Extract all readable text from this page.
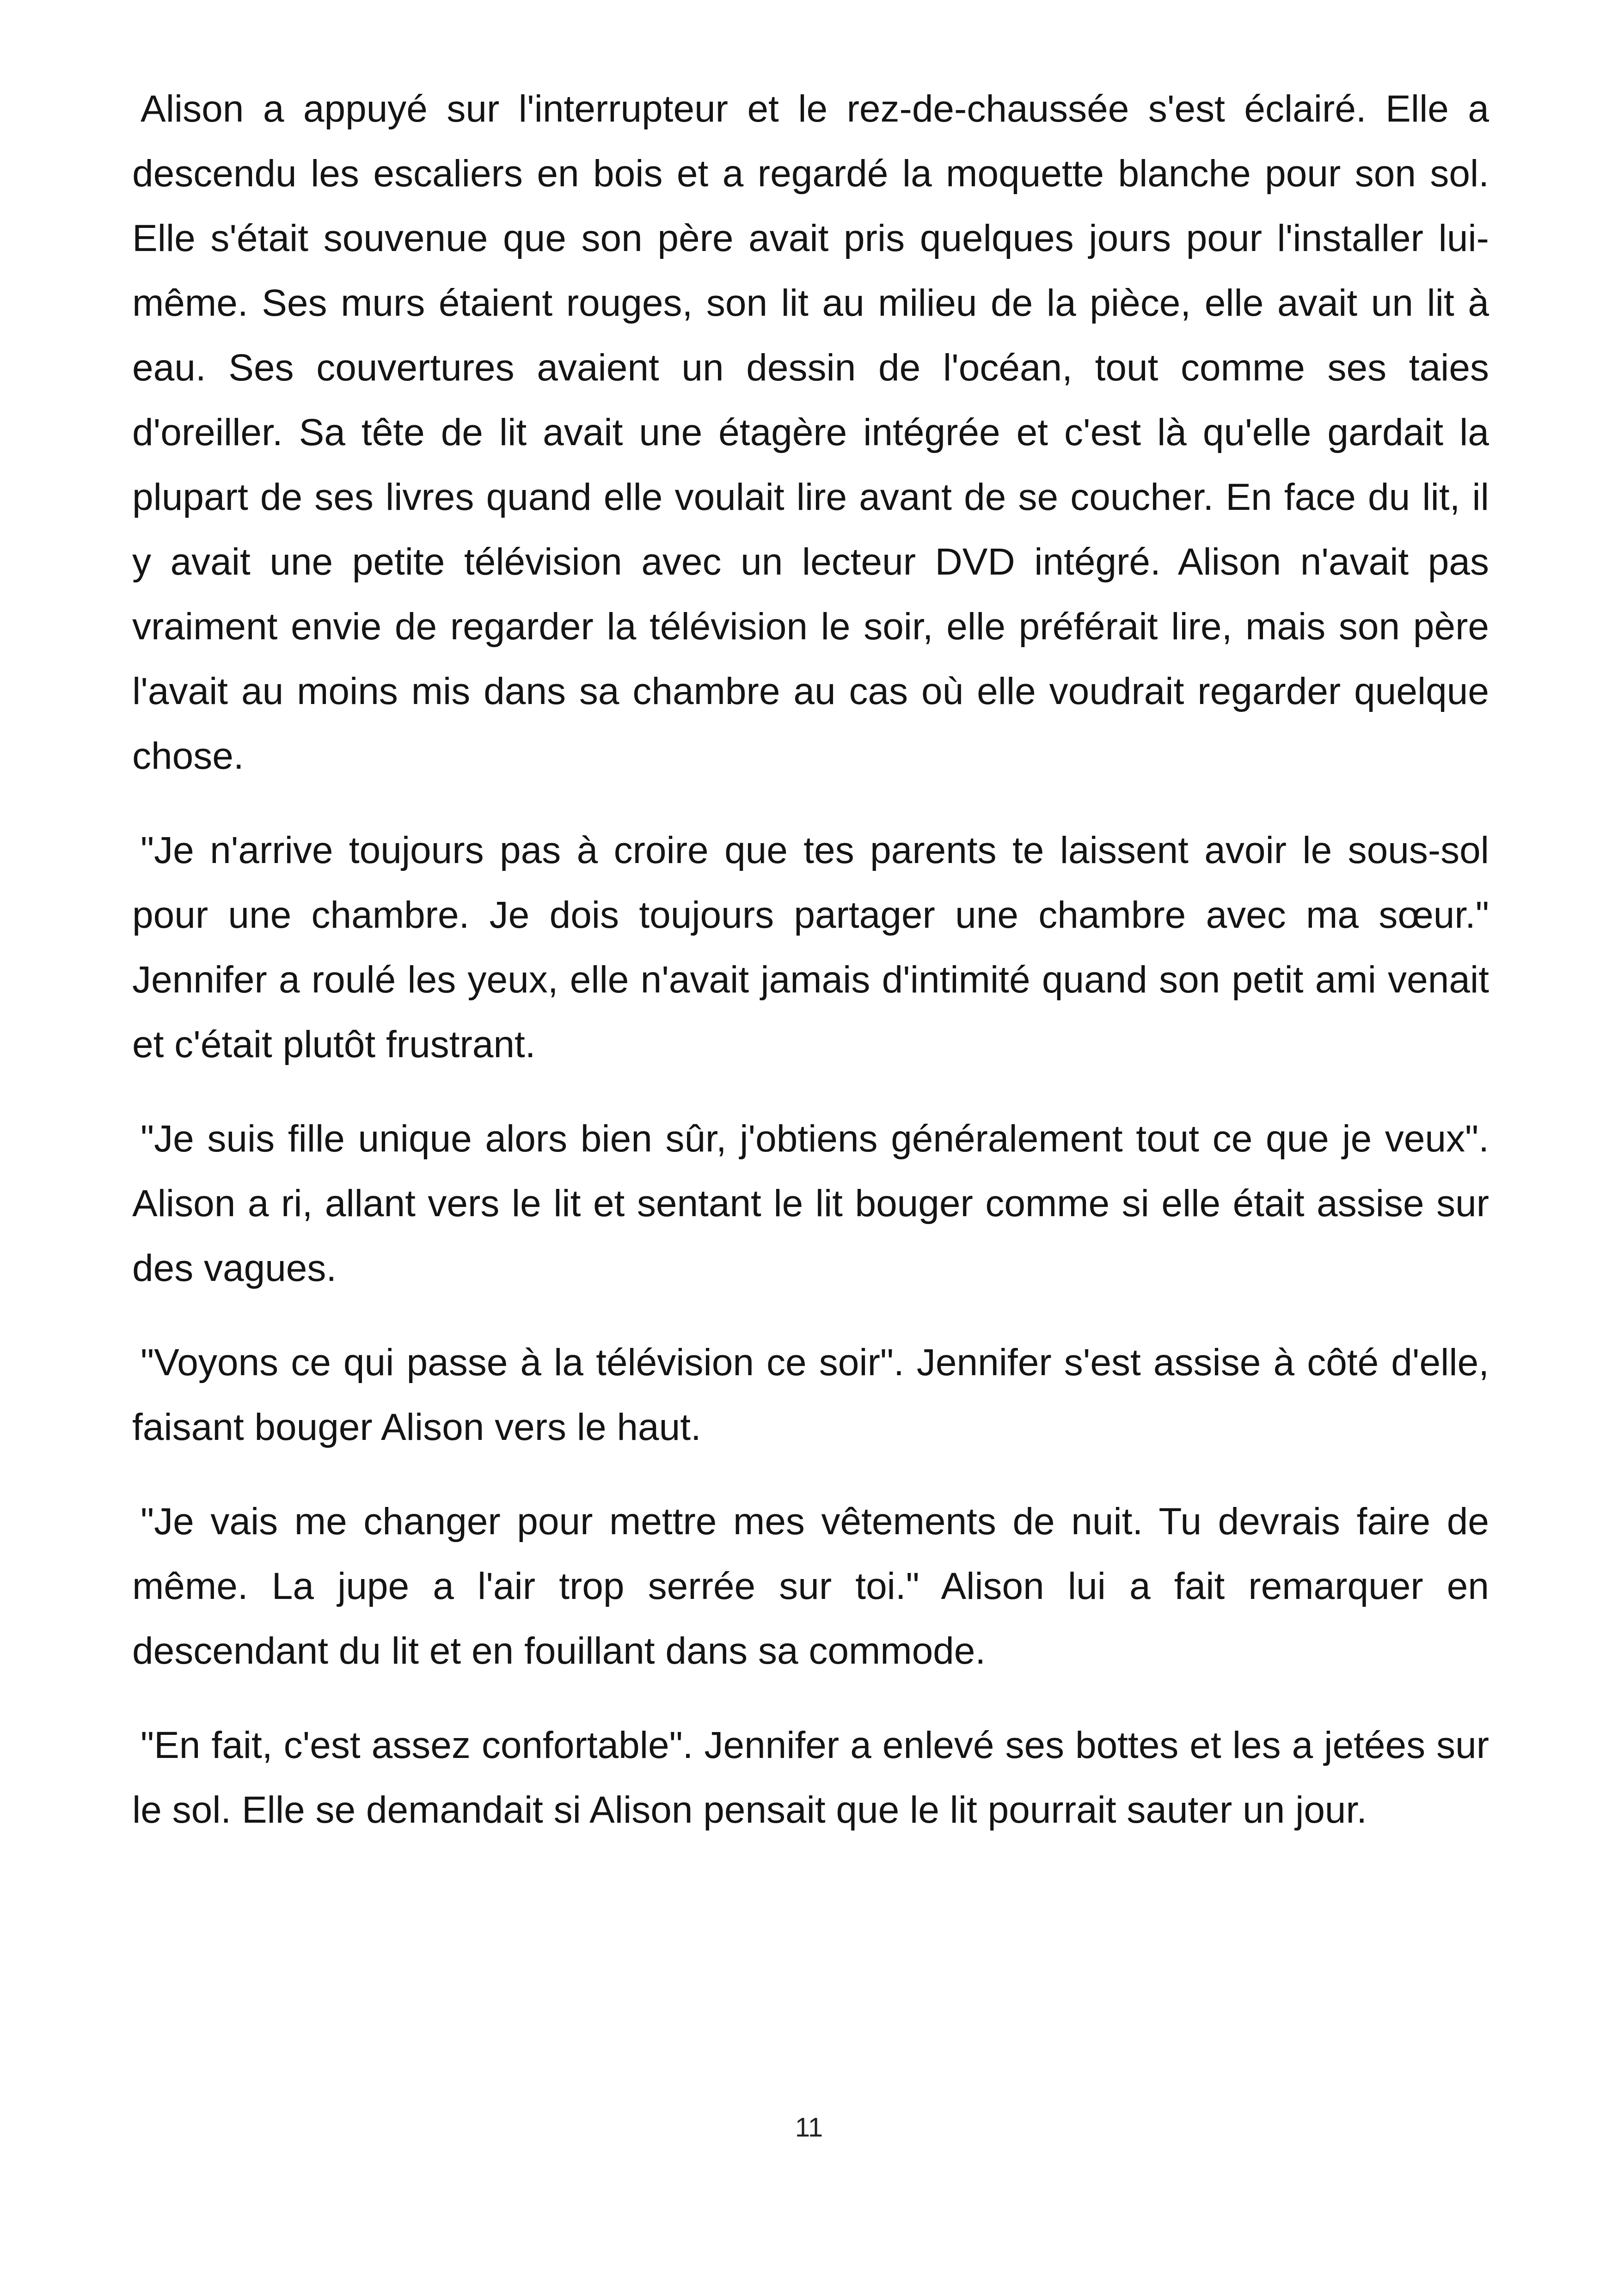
Alison a appuyé sur l'interrupteur et le rez-de-chaussée s'est éclairé. Elle a descendu les escaliers en bois et a regardé la moquette blanche pour son sol. Elle s'était souvenue que son père avait pris quelques jours pour l'installer lui-même. Ses murs étaient rouges, son lit au milieu de la pièce, elle avait un lit à eau. Ses couvertures avaient un dessin de l'océan, tout comme ses taies d'oreiller. Sa tête de lit avait une étagère intégrée et c'est là qu'elle gardait la plupart de ses livres quand elle voulait lire avant de se coucher. En face du lit, il y avait une petite télévision avec un lecteur DVD intégré. Alison n'avait pas vraiment envie de regarder la télévision le soir, elle préférait lire, mais son père l'avait au moins mis dans sa chambre au cas où elle voudrait regarder quelque chose.

"Je n'arrive toujours pas à croire que tes parents te laissent avoir le sous-sol pour une chambre. Je dois toujours partager une chambre avec ma sœur." Jennifer a roulé les yeux, elle n'avait jamais d'intimité quand son petit ami venait et c'était plutôt frustrant.

"Je suis fille unique alors bien sûr, j'obtiens généralement tout ce que je veux". Alison a ri, allant vers le lit et sentant le lit bouger comme si elle était assise sur des vagues.

"Voyons ce qui passe à la télévision ce soir". Jennifer s'est assise à côté d'elle, faisant bouger Alison vers le haut.

"Je vais me changer pour mettre mes vêtements de nuit. Tu devrais faire de même. La jupe a l'air trop serrée sur toi." Alison lui a fait remarquer en descendant du lit et en fouillant dans sa commode.

"En fait, c'est assez confortable". Jennifer a enlevé ses bottes et les a jetées sur le sol. Elle se demandait si Alison pensait que le lit pourrait sauter un jour.

11
